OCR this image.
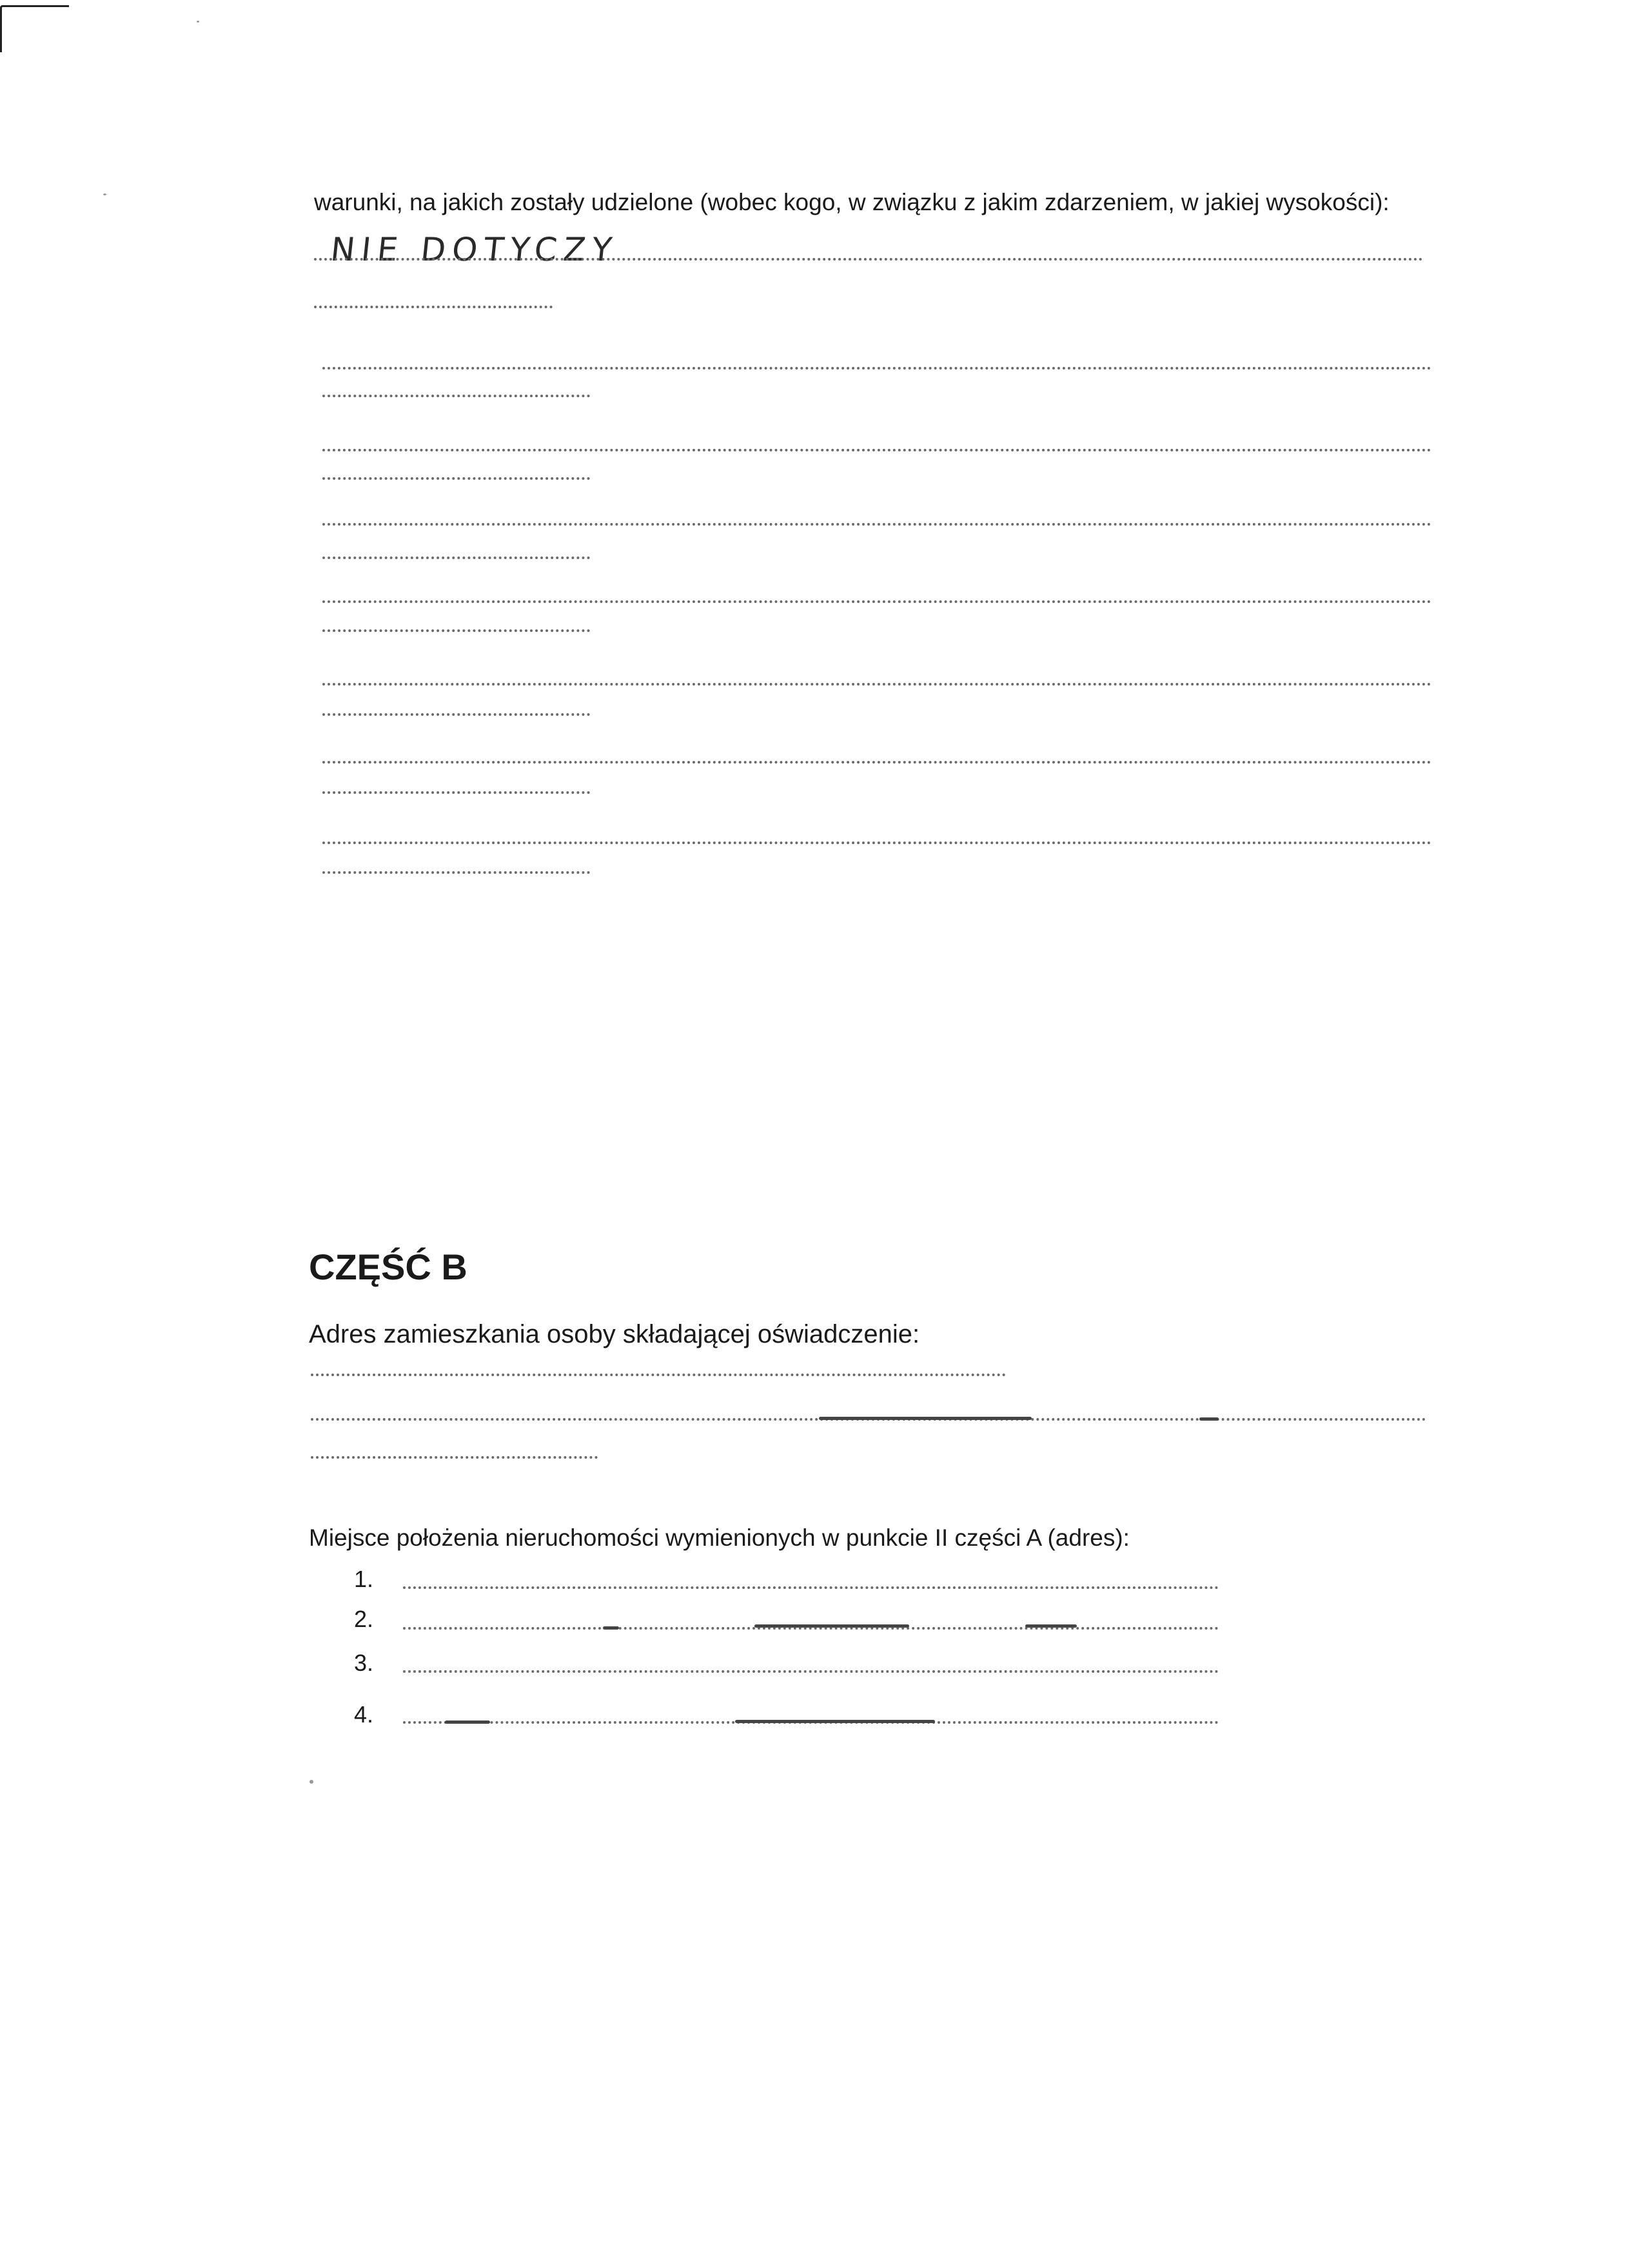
warunki, na jakich zostały udzielone (wobec kogo, w związku z jakim zdarzeniem, w jakiej wysokości):
NIE DOTYCZY
CZĘŚĆ B
Adres zamieszkania osoby składającej oświadczenie:
Miejsce położenia nieruchomości wymienionych w punkcie II części A (adres):
1.
2.
3.
4.
